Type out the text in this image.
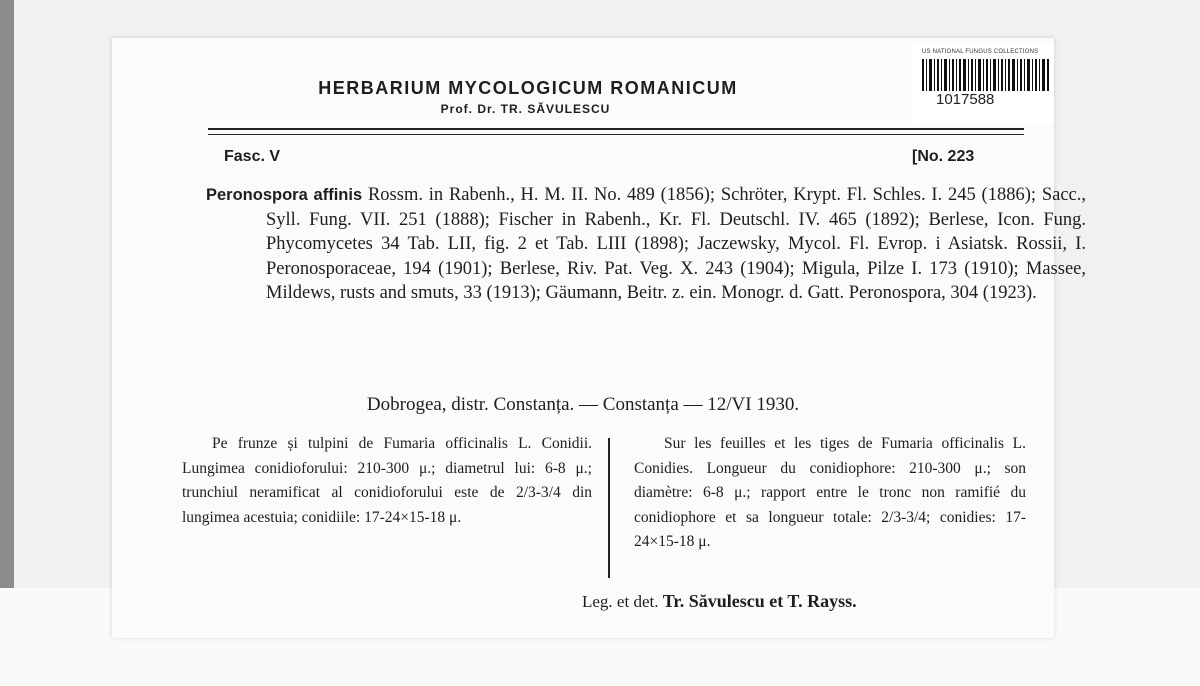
HERBARIUM MYCOLOGICUM ROMANICUM
Prof. Dr. TR. SĂVULESCU
US NATIONAL FUNGUS COLLECTIONS
1017588
Fasc. V	[No. 223
Peronospora affinis Rossm. in Rabenh., H. M. II. No. 489 (1856); Schröter, Krypt. Fl. Schles. I. 245 (1886); Sacc., Syll. Fung. VII. 251 (1888); Fischer in Rabenh., Kr. Fl. Deutschl. IV. 465 (1892); Berlese, Icon. Fung. Phycomycetes 34 Tab. LII, fig. 2 et Tab. LIII (1898); Jaczewsky, Mycol. Fl. Evrop. i Asiatsk. Rossii, I. Peronosporaceae, 194 (1901); Berlese, Riv. Pat. Veg. X. 243 (1904); Migula, Pilze I. 173 (1910); Massee, Mildews, rusts and smuts, 33 (1913); Gäumann, Beitr. z. ein. Monogr. d. Gatt. Peronospora, 304 (1923).
Dobrogea, distr. Constanța. — Constanța — 12/VI 1930.
Pe frunze și tulpini de Fumaria officinalis L. Conidii. Lungimea conidioforului: 210-300 μ.; diametrul lui: 6-8 μ.; trunchiul neramificat al conidioforului este de 2/3-3/4 din lungimea acestuia; conidiile: 17-24×15-18 μ.
Sur les feuilles et les tiges de Fumaria officinalis L. Conidies. Longueur du conidiophore: 210-300 μ.; son diamètre: 6-8 μ.; rapport entre le tronc non ramifié du conidiophore et sa longueur totale: 2/3-3/4; conidies: 17-24×15-18 μ.
Leg. et det. Tr. Săvulescu et T. Rayss.
